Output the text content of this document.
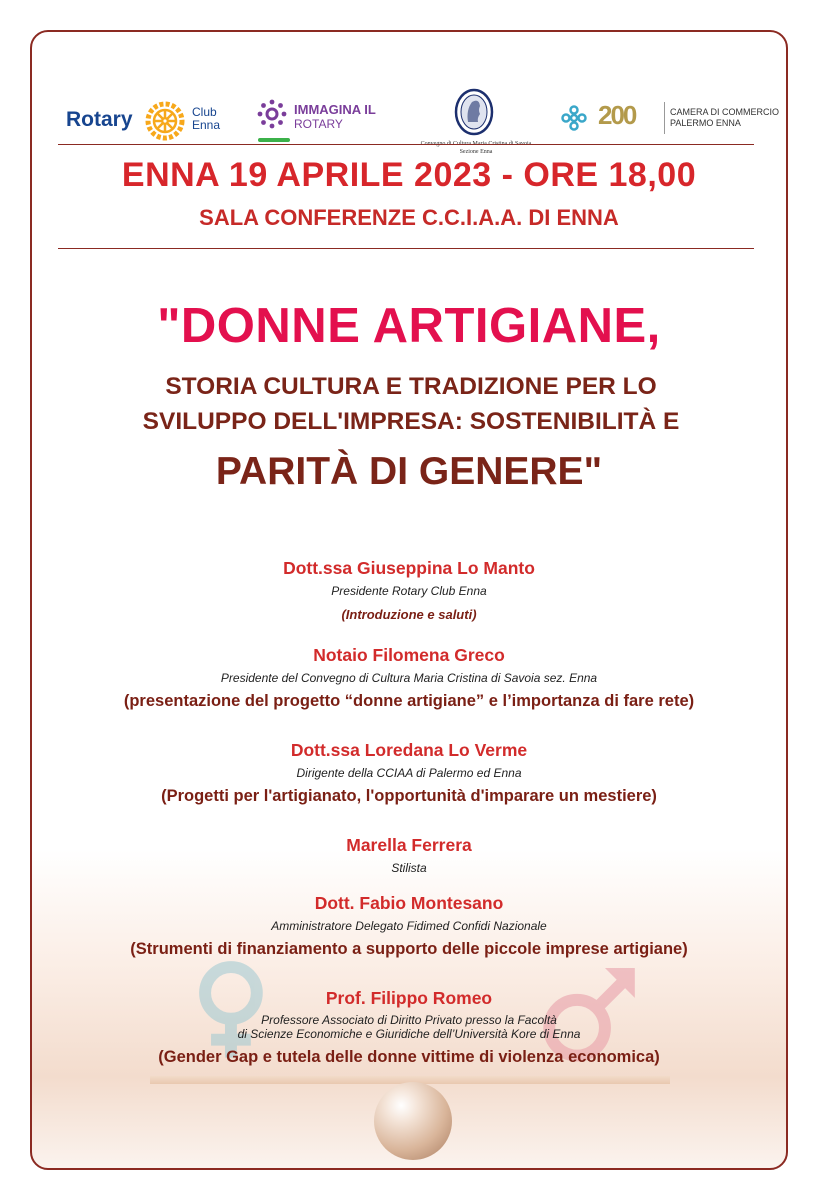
Rotary	Club
Enna
IMMAGINA IL
ROTARY
Sezione Enna
200	CAMERA DI COMMERCIO
PALERMO ENNA
ENNA 19 APRILE 2023 - ORE 18,00
SALA CONFERENZE C.C.I.A.A. DI ENNA
"DONNE ARTIGIANE,
STORIA CULTURA E TRADIZIONE PER LO
SVILUPPO DELL'IMPRESA: SOSTENIBILITÀ E
PARITÀ DI GENERE"
Dott.ssa Giuseppina Lo Manto
Presidente Rotary Club Enna
(Introduzione e saluti)
Notaio Filomena Greco
Presidente del Convegno di Cultura Maria Cristina di Savoia sez. Enna
(presentazione del progetto “donne artigiane” e l’importanza di fare rete)
Dott.ssa Loredana Lo Verme
Dirigente della CCIAA di Palermo ed Enna
(Progetti per l'artigianato, l'opportunità d'imparare un mestiere)
Marella Ferrera
Stilista
Dott. Fabio Montesano
Amministratore Delegato Fidimed Confidi Nazionale
(Strumenti di finanziamento a supporto delle piccole imprese artigiane)
Prof. Filippo Romeo
Professore Associato di Diritto Privato presso la Facoltà
di Scienze Economiche e Giuridiche dell’Università Kore di Enna
(Gender Gap e tutela delle donne vittime di violenza economica)
